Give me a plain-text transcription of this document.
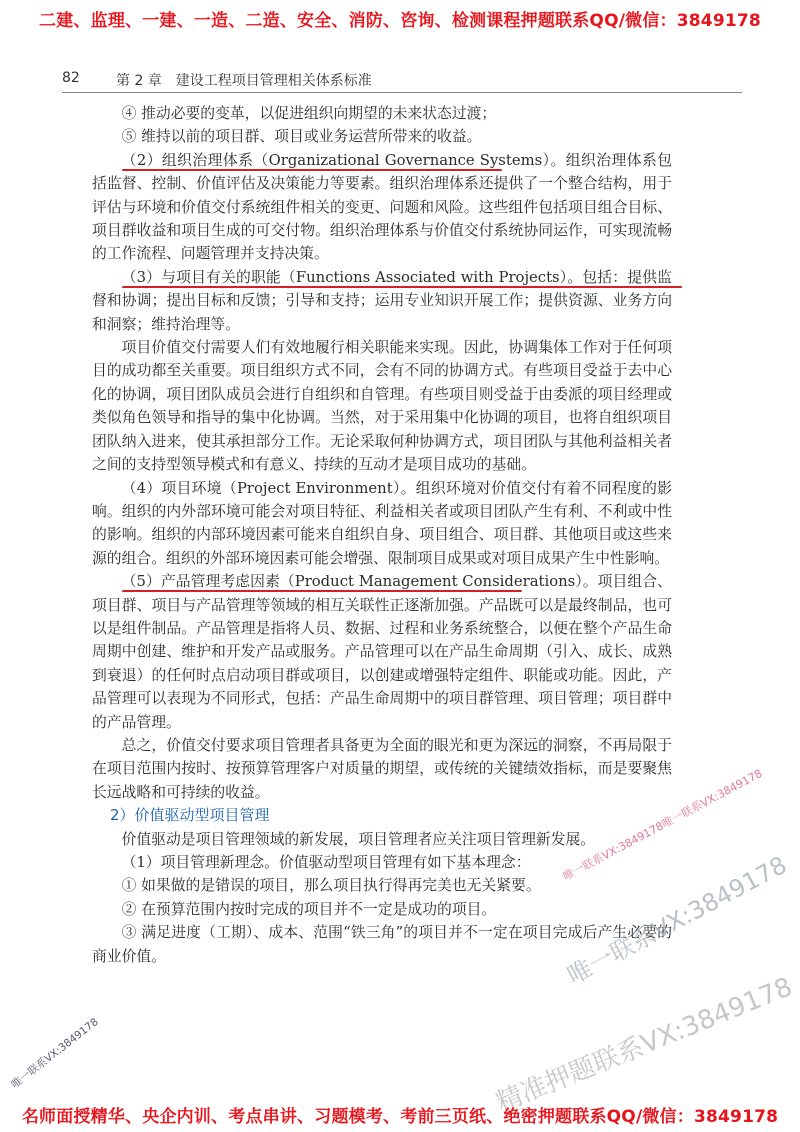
二建、监理、一建、一造、二造、安全、消防、咨询、检测课程押题联系QQ/微信：3849178
82	第 2 章　建设工程项目管理相关体系标准

④ 推动必要的变革，以促进组织向期望的未来状态过渡；

⑤ 维持以前的项目群、项目或业务运营所带来的收益。

（2）组织治理体系（Organizational Governance Systems）。
组织治理体系包括监督、控制、价值评估及决策能力等要素。组织治理体系还提供了一个整合结构，用于评估与环境和价值交付系统组件相关的变更、问题和风险。这些组件包括项目组合目标、项目群收益和项目生成的可交付物。组织治理体系与价值交付系统协同运作，可实现流畅的工作流程、问题管理并支持决策。

（3）与项目有关的职能（Functions Associated with Projects）。
包括：提供监督和协调；提出目标和反馈；引导和支持；运用专业知识开展工作；提供资源、业务方向和洞察；维持治理等。

项目价值交付需要人们有效地履行相关职能来实现。因此，协调集体工作对于任何项目的成功都至关重要。项目组织方式不同，会有不同的协调方式。有些项目受益于去中心化的协调，项目团队成员会进行自组织和自管理。有些项目则受益于由委派的项目经理或类似角色领导和指导的集中化协调。当然，对于采用集中化协调的项目，也将自组织项目团队纳入进来，使其承担部分工作。无论采取何种协调方式，项目团队与其他利益相关者之间的支持型领导模式和有意义、持续的互动才是项目成功的基础。

（4）项目环境（Project Environment）。组织环境对价值交付有着不同程度的影响。组织的内外部环境可能会对项目特征、利益相关者或项目团队产生有利、不利或中性的影响。组织的内部环境因素可能来自组织自身、项目组合、项目群、其他项目或这些来源的组合。组织的外部环境因素可能会增强、限制项目成果或对项目成果产生中性影响。

（5）产品管理考虑因素（Product Management Considerations）。
项目组合、项目群、项目与产品管理等领域的相互关联性正逐渐加强。产品既可以是最终制品，也可以是组件制品。产品管理是指将人员、数据、过程和业务系统整合，以便在整个产品生命周期中创建、维护和开发产品或服务。产品管理可以在产品生命周期（引入、成长、成熟到衰退）的任何时点启动项目群或项目，以创建或增强特定组件、职能或功能。因此，产品管理可以表现为不同形式，包括：产品生命周期中的项目群管理、项目管理；项目群中的产品管理。

总之，价值交付要求项目管理者具备更为全面的眼光和更为深远的洞察，不再局限于在项目范围内按时、按预算管理客户对质量的期望，或传统的关键绩效指标，而是要聚焦长远战略和可持续的收益。

2）价值驱动型项目管理

价值驱动是项目管理领域的新发展，项目管理者应关注项目管理新发展。

（1）项目管理新理念。价值驱动型项目管理有如下基本理念：

① 如果做的是错误的项目，那么项目执行得再完美也无关紧要。

② 在预算范围内按时完成的项目并不一定是成功的项目。

③ 满足进度（工期）、成本、范围“铁三角”的项目并不一定在项目完成后产生必要的商业价值。

唯一联系VX:3849178唯一联系VX:3849178
唯一联系VX:3849178
唯一联系VX:3849178	精准押题联系VX:3849178
名师面授精华、央企内训、考点串讲、习题模考、考前三页纸、绝密押题联系QQ/微信：3849178
